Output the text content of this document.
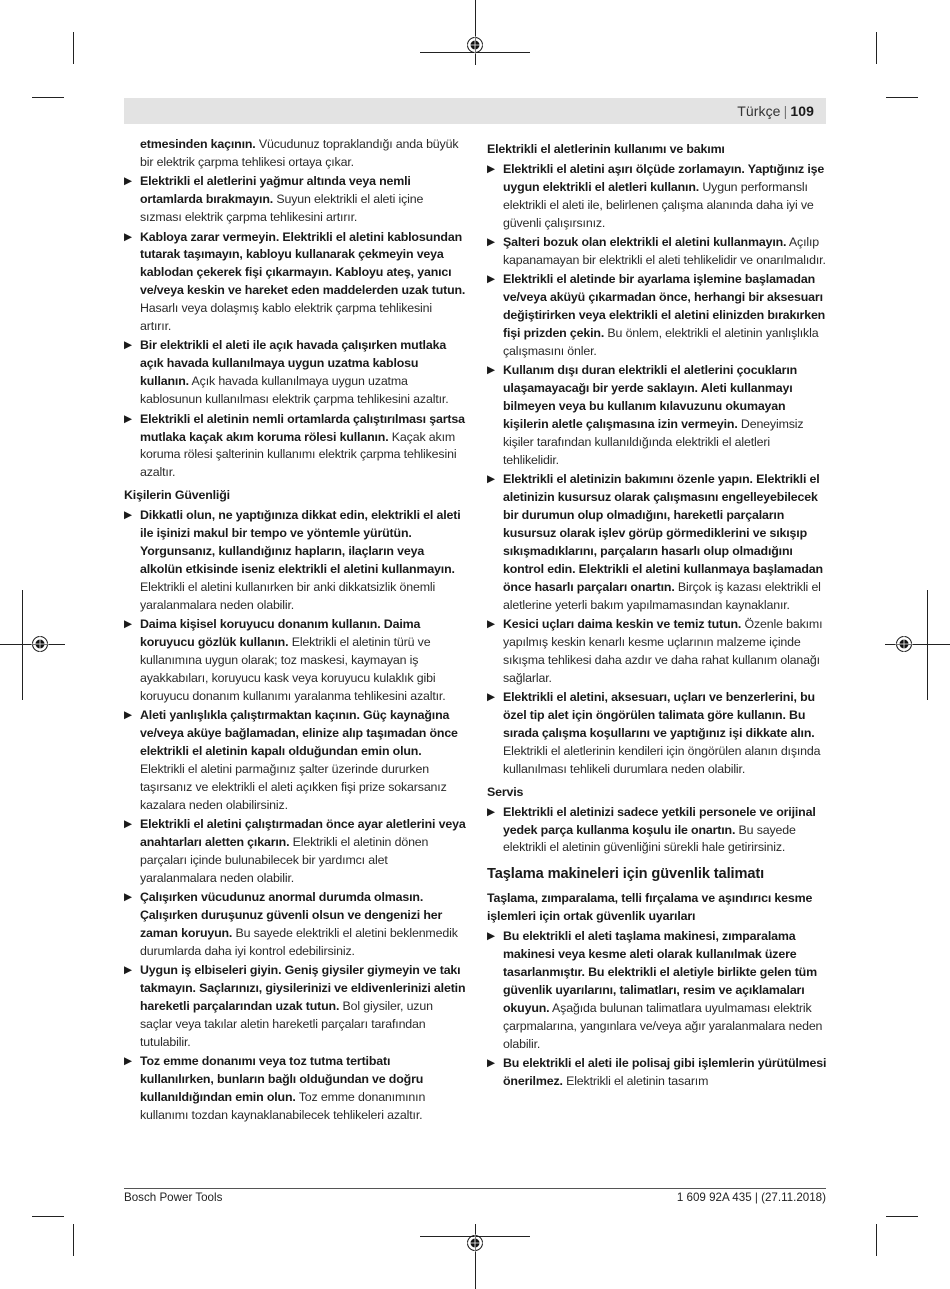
Türkçe | 109
etmesinden kaçının. Vücudunuz topraklandığı anda büyük bir elektrik çarpma tehlikesi ortaya çıkar.
▶ Elektrikli el aletlerini yağmur altında veya nemli ortamlarda bırakmayın. Suyun elektrikli el aleti içine sızması elektrik çarpma tehlikesini artırır.
▶ Kabloya zarar vermeyin. Elektrikli el aletini kablosundan tutarak taşımayın, kabloyu kullanarak çekmeyin veya kablodan çekerek fişi çıkarmayın. Kabloyu ateş, yanıcı ve/veya keskin ve hareket eden maddelerden uzak tutun. Hasarlı veya dolaşmış kablo elektrik çarpma tehlikesini artırır.
▶ Bir elektrikli el aleti ile açık havada çalışırken mutlaka açık havada kullanılmaya uygun uzatma kablosu kullanın. Açık havada kullanılmaya uygun uzatma kablosunun kullanılması elektrik çarpma tehlikesini azaltır.
▶ Elektrikli el aletinin nemli ortamlarda çalıştırılması şartsa mutlaka kaçak akım koruma rölesi kullanın. Kaçak akım koruma rölesi şalterinin kullanımı elektrik çarpma tehlikesini azaltır.
Kişilerin Güvenliği
▶ Dikkatli olun, ne yaptığınıza dikkat edin, elektrikli el aleti ile işinizi makul bir tempo ve yöntemle yürütün. Yorgunsanız, kullandığınız hapların, ilaçların veya alkolün etkisinde iseniz elektrikli el aletini kullanmayın. Elektrikli el aletini kullanırken bir anki dikkatsizlik önemli yaralanmalara neden olabilir.
▶ Daima kişisel koruyucu donanım kullanın. Daima koruyucu gözlük kullanın. Elektrikli el aletinin türü ve kullanımına uygun olarak; toz maskesi, kaymayan iş ayakkabıları, koruyucu kask veya koruyucu kulaklık gibi koruyucu donanım kullanımı yaralanma tehlikesini azaltır.
▶ Aleti yanlışlıkla çalıştırmaktan kaçının. Güç kaynağına ve/veya aküye bağlamadan, elinize alıp taşımadan önce elektrikli el aletinin kapalı olduğundan emin olun. Elektrikli el aletini parmağınız şalter üzerinde dururken taşırsanız ve elektrikli el aleti açıkken fişi prize sokarsanız kazalara neden olabilirsiniz.
▶ Elektrikli el aletini çalıştırmadan önce ayar aletlerini veya anahtarları aletten çıkarın. Elektrikli el aletinin dönen parçaları içinde bulunabilecek bir yardımcı alet yaralanmalara neden olabilir.
▶ Çalışırken vücudunuz anormal durumda olmasın. Çalışırken duruşunuz güvenli olsun ve dengenizi her zaman koruyun. Bu sayede elektrikli el aletini beklenmedik durumlarda daha iyi kontrol edebilirsiniz.
▶ Uygun iş elbiseleri giyin. Geniş giysiler giymeyin ve takı takmayın. Saçlarınızı, giysilerinizi ve eldivenlerinizi aletin hareketli parçalarından uzak tutun. Bol giysiler, uzun saçlar veya takılar aletin hareketli parçaları tarafından tutulabilir.
▶ Toz emme donanımı veya toz tutma tertibatı kullanılırken, bunların bağlı olduğundan ve doğru kullanıldığından emin olun. Toz emme donanımının kullanımı tozdan kaynaklanabilecek tehlikeleri azaltır.
Elektrikli el aletlerinin kullanımı ve bakımı
▶ Elektrikli el aletini aşırı ölçüde zorlamayın. Yaptığınız işe uygun elektrikli el aletleri kullanın. Uygun performanslı elektrikli el aleti ile, belirlenen çalışma alanında daha iyi ve güvenli çalışırsınız.
▶ Şalteri bozuk olan elektrikli el aletini kullanmayın. Açılıp kapanamayan bir elektrikli el aleti tehlikelidir ve onarılmalıdır.
▶ Elektrikli el aletinde bir ayarlama işlemine başlamadan ve/veya aküyü çıkarmadan önce, herhangi bir aksesuarı değiştirirken veya elektrikli el aletini elinizden bırakırken fişi prizden çekin. Bu önlem, elektrikli el aletinin yanlışlıkla çalışmasını önler.
▶ Kullanım dışı duran elektrikli el aletlerini çocukların ulaşamayacağı bir yerde saklayın. Aleti kullanmayı bilmeyen veya bu kullanım kılavuzunu okumayan kişilerin aletle çalışmasına izin vermeyin. Deneyimsiz kişiler tarafından kullanıldığında elektrikli el aletleri tehlikelidir.
▶ Elektrikli el aletinizin bakımını özenle yapın. Elektrikli el aletinizin kusursuz olarak çalışmasını engelleyebilecek bir durumun olup olmadığını, hareketli parçaların kusursuz olarak işlev görüp görmediklerini ve sıkışıp sıkışmadıklarını, parçaların hasarlı olup olmadığını kontrol edin. Elektrikli el aletini kullanmaya başlamadan önce hasarlı parçaları onartın. Birçok iş kazası elektrikli el aletlerine yeterli bakım yapılmamasından kaynaklanır.
▶ Kesici uçları daima keskin ve temiz tutun. Özenle bakımı yapılmış keskin kenarlı kesme uçlarının malzeme içinde sıkışma tehlikesi daha azdır ve daha rahat kullanım olanağı sağlarlar.
▶ Elektrikli el aletini, aksesuarı, uçları ve benzerlerini, bu özel tip alet için öngörülen talimata göre kullanın. Bu sırada çalışma koşullarını ve yaptığınız işi dikkate alın. Elektrikli el aletlerinin kendileri için öngörülen alanın dışında kullanılması tehlikeli durumlara neden olabilir.
Servis
▶ Elektrikli el aletinizi sadece yetkili personele ve orijinal yedek parça kullanma koşulu ile onartın. Bu sayede elektrikli el aletinin güvenliğini sürekli hale getirirsiniz.
Taşlama makineleri için güvenlik talimatı
Taşlama, zımparalama, telli fırçalama ve aşındırıcı kesme işlemleri için ortak güvenlik uyarıları
▶ Bu elektrikli el aleti taşlama makinesi, zımparalama makinesi veya kesme aleti olarak kullanılmak üzere tasarlanmıştır. Bu elektrikli el aletiyle birlikte gelen tüm güvenlik uyarılarını, talimatları, resim ve açıklamaları okuyun. Aşağıda bulunan talimatlara uyulmaması elektrik çarpmalarına, yangınlara ve/veya ağır yaralanmalara neden olabilir.
▶ Bu elektrikli el aleti ile polisaj gibi işlemlerin yürütülmesi önerilmez. Elektrikli el aletinin tasarım
Bosch Power Tools	1 609 92A 435 | (27.11.2018)
